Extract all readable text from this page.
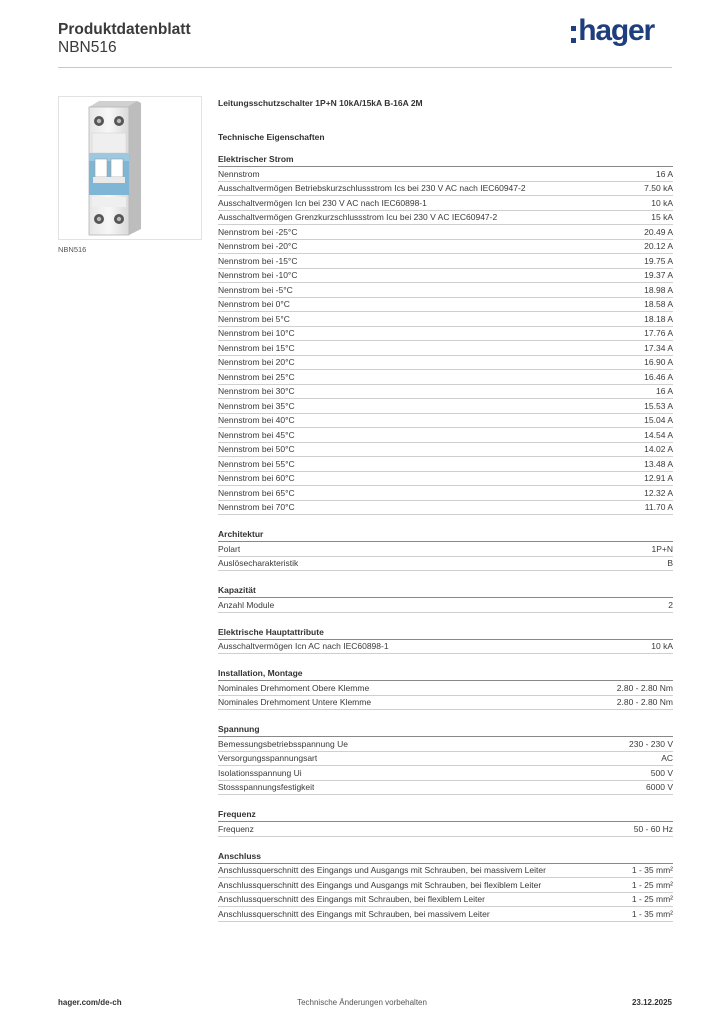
Produktdatenblatt
NBN516
hager
NBN516
Leitungsschutzschalter 1P+N 10kA/15kA B-16A 2M
Technische Eigenschaften
Elektrischer Strom
Nennstrom	16 A
Ausschaltvermögen Betriebskurzschlussstrom Ics bei 230 V AC nach IEC60947-2	7.50 kA
Ausschaltvermögen Icn bei 230 V AC nach IEC60898-1	10 kA
Ausschaltvermögen Grenzkurzschlussstrom Icu bei 230 V AC IEC60947-2	15 kA
Nennstrom bei -25°C	20.49 A
Nennstrom bei -20°C	20.12 A
Nennstrom bei -15°C	19.75 A
Nennstrom bei -10°C	19.37 A
Nennstrom bei -5°C	18.98 A
Nennstrom bei 0°C	18.58 A
Nennstrom bei 5°C	18.18 A
Nennstrom bei 10°C	17.76 A
Nennstrom bei 15°C	17.34 A
Nennstrom bei 20°C	16.90 A
Nennstrom bei 25°C	16.46 A
Nennstrom bei 30°C	16 A
Nennstrom bei 35°C	15.53 A
Nennstrom bei 40°C	15.04 A
Nennstrom bei 45°C	14.54 A
Nennstrom bei 50°C	14.02 A
Nennstrom bei 55°C	13.48 A
Nennstrom bei 60°C	12.91 A
Nennstrom bei 65°C	12.32 A
Nennstrom bei 70°C	11.70 A
Architektur
Polart	1P+N
Auslösecharakteristik	B
Kapazität
Anzahl Module	2
Elektrische Hauptattribute
Ausschaltvermögen Icn AC nach IEC60898-1	10 kA
Installation, Montage
Nominales Drehmoment Obere Klemme	2.80 - 2.80 Nm
Nominales Drehmoment Untere Klemme	2.80 - 2.80 Nm
Spannung
Bemessungsbetriebsspannung Ue	230 - 230 V
Versorgungsspannungsart	AC
Isolationsspannung Ui	500 V
Stossspannungsfestigkeit	6000 V
Frequenz
Frequenz	50 - 60 Hz
Anschluss
Anschlussquerschnitt des Eingangs und Ausgangs mit Schrauben, bei massivem Leiter	1 - 35 mm²
Anschlussquerschnitt des Eingangs und Ausgangs mit Schrauben, bei flexiblem Leiter	1 - 25 mm²
Anschlussquerschnitt des Eingangs mit Schrauben, bei flexiblem Leiter	1 - 25 mm²
Anschlussquerschnitt des Eingangs mit Schrauben, bei massivem Leiter	1 - 35 mm²
hager.com/de-ch	Technische Änderungen vorbehalten	23.12.2025
